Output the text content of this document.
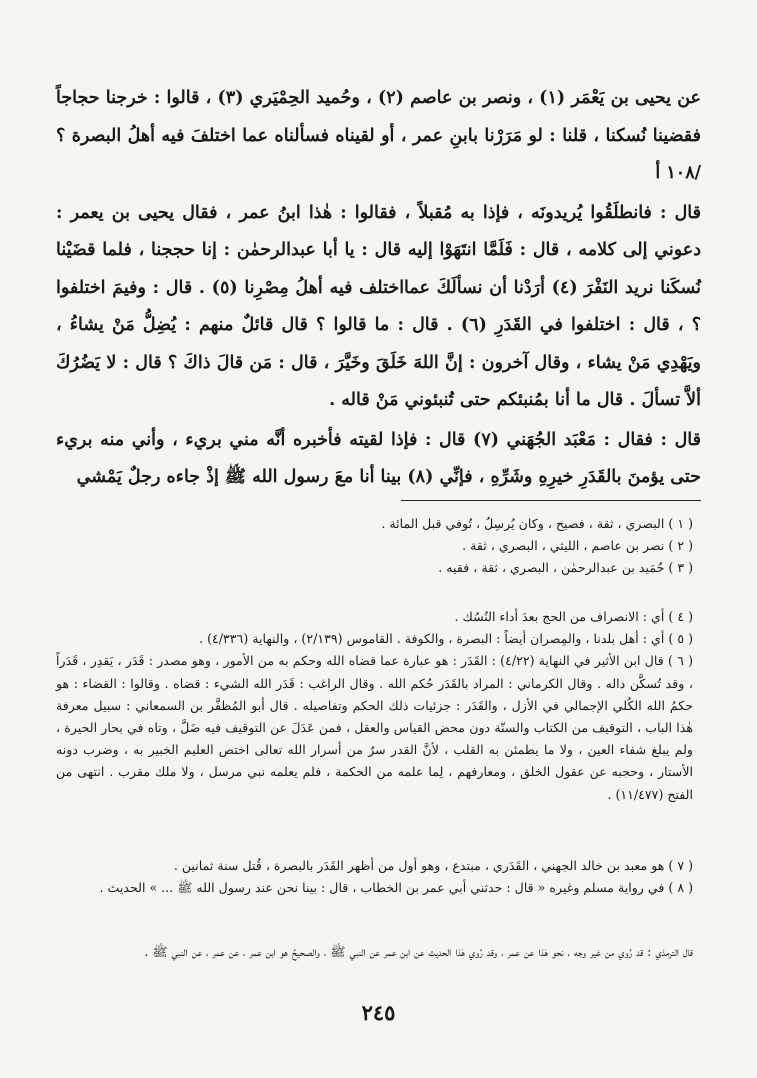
عن يحيى بن يَعْمَر (١) ، ونصر بن عاصم (٢) ، وحُميد الحِمْيَري (٣) ، قالوا : خرجنا حجاجاً فقضينا نُسكنا ، قلنا : لو مَرَرْنا بابنِ عمر ، أو لقيناه فسألناه عما اختلفَ فيه أهلُ البصرة ؟ /١٠٨ أ

قال : فانطلَقُوا يُريدونَه ، فإذا به مُقبلاً ، فقالوا : هٰذا ابنُ عمر ، فقال يحيى بن يعمر : دعوني إلى كلامه ، قال : فَلَمَّا انتَهَوْا إليه قال : يا أبا عبدالرحمٰن : إنا حججنا ، فلما قضَيْنا نُسكَنا نريد النَفْرَ (٤) أرَدْنا أن نسألَكَ عمااختلف فيه أهلُ مِصْرِنا (٥) . قال : وفيمَ اختلفوا ؟ ، قال : اختلفوا في القَدَرِ (٦) . قال : ما قالوا ؟ قال قائلٌ منهم : يُضِلُّ مَنْ يشاءُ ، ويَهْدِي مَنْ يشاء ، وقال آخرون : إنَّ اللهَ خَلَقَ وخَيَّرَ ، قال : مَن قالَ ذاكَ ؟ قال : لا يَضُرُكَ ألاَّ تسألَ . قال ما أنا بمُنبئكم حتى تُنبئوني مَنْ قاله .

قال : فقال : مَعْبَد الجُهَني (٧) قال : فإذا لقيته فأخبره أنَّه مني بريء ، وأني منه بريء حتى يؤمنَ بالقَدَرِ خيرِهِ وشَرِّهِ ، فإنِّي (٨) بينا أنا معَ رسول الله ﷺ إذْ جاءه رجلٌ يَمْشي

( ١ ) البصري ، ثقة ، فصيح ، وكان يُرسِلُ ، تُوفي قبل المائة .

( ٢ ) نصر بن عاصم ، الليثي ، البصري ، ثقة .

( ٣ ) حُمَيد بن عبدالرحمٰن ، البصري ، ثقة ، فقيه .

( ٤ ) أي : الانصراف من الحج بعدَ أداء النُسُك .

( ٥ ) أي : أهل بلدنا ، والمِصران أيضاً : البصرة ، والكوفة . القاموس (٢/١٣٩) ، والنهاية (٤/٣٣٦) .

( ٦ ) قال ابن الأثير في النهاية (٤/٢٢) : القَدَر : هو عبارة عما قضاه الله وحكم به من الأمور ، وهو مصدر : قَدَر ، يَقدِر ، قَدَراً ، وقد تُسكَّن داله . وقال الكرماني : المراد بالقَدَر حُكم الله . وقال الراغب : قَدَر الله الشيء : قضاه . وقالوا : القضاء : هو حكمُ الله الكُلي الإجمالي في الأزل ، والقَدَر : جزئيات ذلك الحكم وتفاصيله . قال أبو المُظفَّر بن السمعاني : سبيل معرفة هٰذا الباب ، التوقيف من الكتاب والسنّة دون محض القياس والعقل ، فمن عَدَلَ عن التوقيف فيه ضَلَّ ، وتاه في بحار الحيرة ، ولم يبلغ شفاء العين ، ولا ما يطمئن به القلب ، لأنَّ القدر سرٌ من أسرار الله تعالى اختص العليم الخبير به ، وضرب دونه الأستار ، وحجبه عن عقول الخلق ، ومعارفهم ، لِما علمه من الحكمة ، فلم يعلمه نبي مرسل ، ولا ملك مقرب . انتهى من الفتح (١١/٤٧٧) .

( ٧ ) هو معبد بن خالد الجهني ، القَدَري ، مبتدع ، وهو أول من أظهر القَدَر بالبصرة ، قُتل سنة ثمانين .

( ٨ ) في رواية مسلم وغيره « قال : حدثني أبي عمر بن الخطاب ، قال : بينا نحن عند رسول الله ﷺ ... » الحديث .

قال الترمذي : قد رُوي من غير وجه ، نحو هٰذا عن عمر ، وقد رُوي هٰذا الحديث عن ابن عمر عن النبي ﷺ ، والصحيحُ هو ابن عمر ، عن عمر ، عن النبي ﷺ .

٢٤٥
